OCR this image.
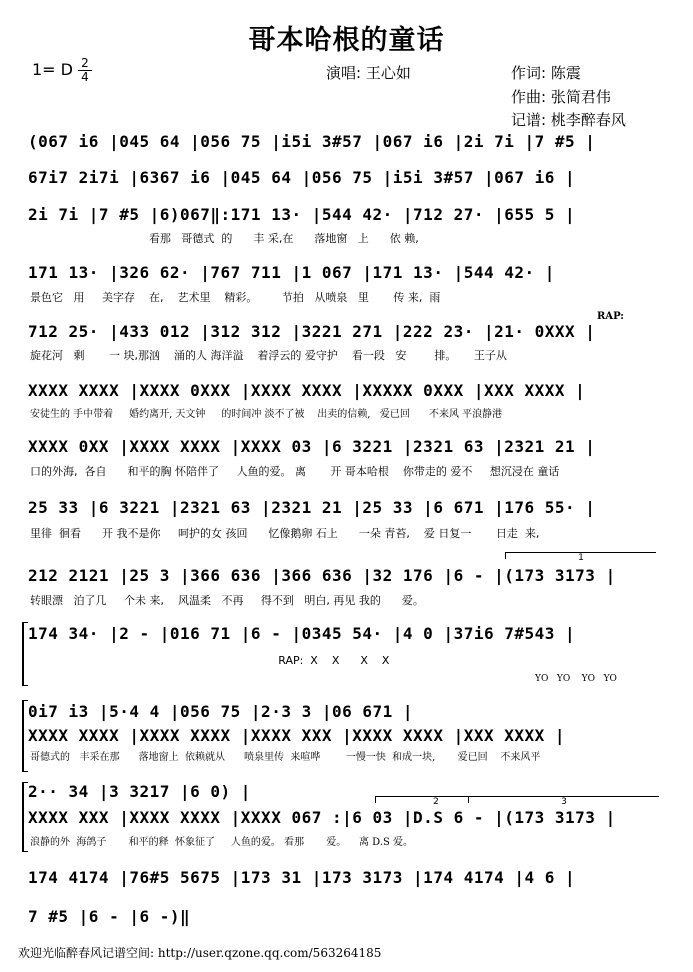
哥本哈根的童话
1= D 2
4	演唱: 王心如	作词: 陈震
作曲: 张简君伟
记谱: 桃李醉春风
(067 i6 |045 64 |056 75 |i5i 3#57 |067 i6 |2i 7i |7 #5 |
67i7 2i7i |6367 i6 |045 64 |056 75 |i5i 3#57 |067 i6 |
2i 7i |7 #5 |6)067‖:171 13· |544 42· |712 27· |655 5 |
看那   哥德式  的      丰 采,在      落地窗   上      依 赖,
171 13· |326 62· |767 711 |1 067 |171 13· |544 42· |
景色它   用     美字存    在,    艺术里    精彩。       节拍   从喷泉   里       传 来,  雨
RAP:
712 25· |433 012 |312 312 |3221 271 |222 23· |21· 0XXX |
旋花河   剩       一 块,那汹    涌的人 海洋溢    着浮云的 爱守护    看一段   安        排。     王子从
XXXX XXXX |XXXX 0XXX |XXXX XXXX |XXXXX 0XXX |XXX XXXX |
安徒生的 手中带着     婚约离开, 天文钟     的时间冲 淡不了被    出卖的信赖,   爱已回      不来风 平浪静港
XXXX 0XX |XXXX XXXX |XXXX 03 |6 3221 |2321 63 |2321 21 |
口的外海,  各自      和平的胸 怀陪伴了     人鱼的爱。 离       开 哥本哈根    你带走的 爱不     想沉浸在 童话
25 33 |6 3221 |2321 63 |2321 21 |25 33 |6 671 |176 55· |
里徘  徊看      开 我不是你     呵护的女 孩回      忆像鹅卵 石上      一朵 青苔,    爱 日复一       日走  来,
1
212 2121 |25 3 |366 636 |366 636 |32 176 |6 - |(173 3173 |
转眼漂   泊了几     个未 来,    风温柔   不再     得不到   明白, 再见 我的      爱。
174 34· |2 - |016 71 |6 - |0345 54· |4 0 |37i6 7#543 |
RAP:  X    X      X    X
YO   YO    YO   YO
0i7 i3 |5·4 4 |056 75 |2·3 3 |06 671 |
XXXX XXXX |XXXX XXXX |XXXX XXX |XXXX XXXX |XXX XXXX |
哥德式的   丰采在那      落地窗上  依赖就从      喷泉里传  来喧哗        一慢一快  和成一块,       爱已回    不来风平
2	3
2·· 34 |3 3217 |6 0) |
XXXX XXX |XXXX XXXX |XXXX 067 :|6 03 |D.S 6 - |(173 3173 |
浪静的外  海鸽子       和平的释  怀象征了     人鱼的爱。 看那       爱。    离 D.S 爱。
174 4174 |76#5 5675 |173 31 |173 3173 |174 4174 |4 6 |
7 #5 |6 - |6 -)‖
欢迎光临醉春风记谱空间: http://user.qzone.qq.com/563264185
